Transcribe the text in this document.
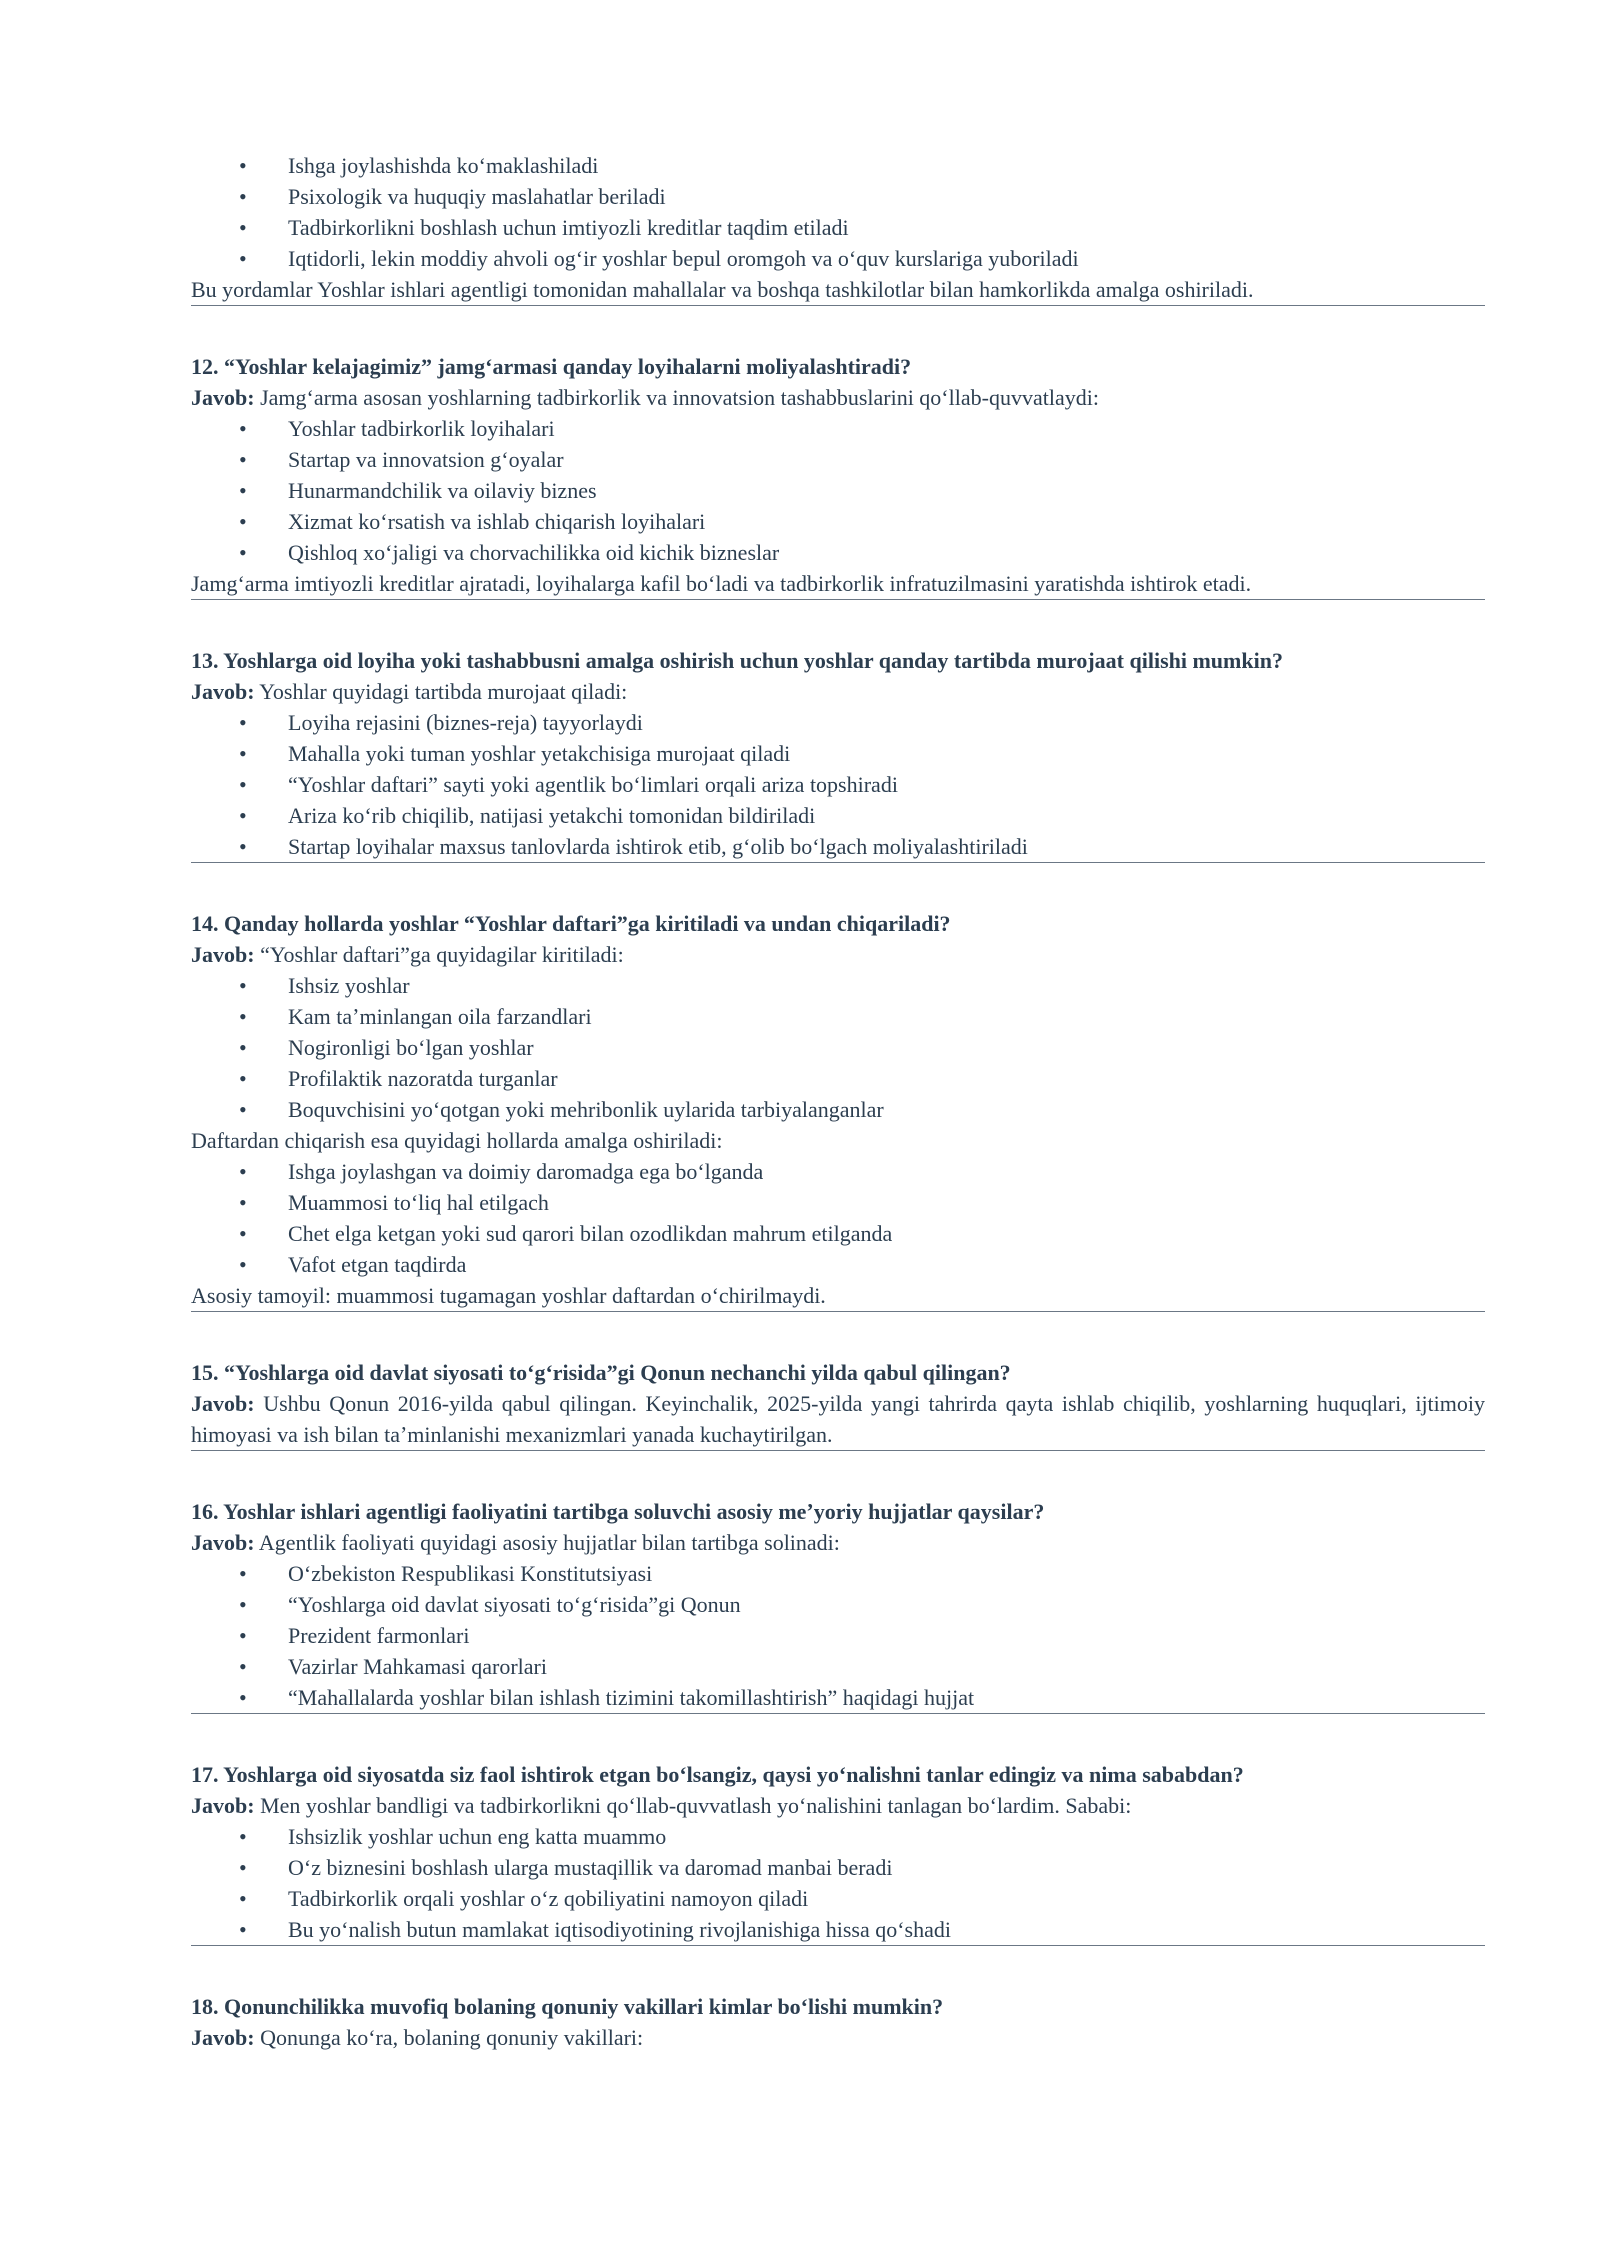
• Ishga joylashishda koʻmaklashiladi
• Psixologik va huquqiy maslahatlar beriladi
• Tadbirkorlikni boshlash uchun imtiyozli kreditlar taqdim etiladi
• Iqtidorli, lekin moddiy ahvoli ogʻir yoshlar bepul oromgoh va oʻquv kurslariga yuboriladi

Bu yordamlar Yoshlar ishlari agentligi tomonidan mahallalar va boshqa tashkilotlar bilan hamkorlikda amalga oshiriladi.

12. “Yoshlar kelajagimiz” jamgʻarmasi qanday loyihalarni moliyalashtiradi?

Javob: Jamgʻarma asosan yoshlarning tadbirkorlik va innovatsion tashabbuslarini qoʻllab-quvvatlaydi:

• Yoshlar tadbirkorlik loyihalari
• Startap va innovatsion gʻoyalar
• Hunarmandchilik va oilaviy biznes
• Xizmat koʻrsatish va ishlab chiqarish loyihalari
• Qishloq xoʻjaligi va chorvachilikka oid kichik bizneslar

Jamgʻarma imtiyozli kreditlar ajratadi, loyihalarga kafil boʻladi va tadbirkorlik infratuzilmasini yaratishda ishtirok etadi.

13. Yoshlarga oid loyiha yoki tashabbusni amalga oshirish uchun yoshlar qanday tartibda murojaat qilishi mumkin?

Javob: Yoshlar quyidagi tartibda murojaat qiladi:

• Loyiha rejasini (biznes-reja) tayyorlaydi
• Mahalla yoki tuman yoshlar yetakchisiga murojaat qiladi
• “Yoshlar daftari” sayti yoki agentlik boʻlimlari orqali ariza topshiradi
• Ariza koʻrib chiqilib, natijasi yetakchi tomonidan bildiriladi
• Startap loyihalar maxsus tanlovlarda ishtirok etib, gʻolib boʻlgach moliyalashtiriladi

14. Qanday hollarda yoshlar “Yoshlar daftari”ga kiritiladi va undan chiqariladi?

Javob: “Yoshlar daftari”ga quyidagilar kiritiladi:

• Ishsiz yoshlar
• Kam taʼminlangan oila farzandlari
• Nogironligi boʻlgan yoshlar
• Profilaktik nazoratda turganlar
• Boquvchisini yoʻqotgan yoki mehribonlik uylarida tarbiyalanganlar

Daftardan chiqarish esa quyidagi hollarda amalga oshiriladi:

• Ishga joylashgan va doimiy daromadga ega boʻlganda
• Muammosi toʻliq hal etilgach
• Chet elga ketgan yoki sud qarori bilan ozodlikdan mahrum etilganda
• Vafot etgan taqdirda

Asosiy tamoyil: muammosi tugamagan yoshlar daftardan oʻchirilmaydi.

15. “Yoshlarga oid davlat siyosati toʻgʻrisida”gi Qonun nechanchi yilda qabul qilingan?

Javob: Ushbu Qonun 2016-yilda qabul qilingan. Keyinchalik, 2025-yilda yangi tahrirda qayta ishlab chiqilib, yoshlarning huquqlari, ijtimoiy himoyasi va ish bilan taʼminlanishi mexanizmlari yanada kuchaytirilgan.

16. Yoshlar ishlari agentligi faoliyatini tartibga soluvchi asosiy meʼyoriy hujjatlar qaysilar?

Javob: Agentlik faoliyati quyidagi asosiy hujjatlar bilan tartibga solinadi:

• Oʻzbekiston Respublikasi Konstitutsiyasi
• “Yoshlarga oid davlat siyosati toʻgʻrisida”gi Qonun
• Prezident farmonlari
• Vazirlar Mahkamasi qarorlari
• “Mahallalarda yoshlar bilan ishlash tizimini takomillashtirish” haqidagi hujjat

17. Yoshlarga oid siyosatda siz faol ishtirok etgan boʻlsangiz, qaysi yoʻnalishni tanlar edingiz va nima sababdan?

Javob: Men yoshlar bandligi va tadbirkorlikni qoʻllab-quvvatlash yoʻnalishini tanlagan boʻlardim. Sababi:

• Ishsizlik yoshlar uchun eng katta muammo
• Oʻz biznesini boshlash ularga mustaqillik va daromad manbai beradi
• Tadbirkorlik orqali yoshlar oʻz qobiliyatini namoyon qiladi
• Bu yoʻnalish butun mamlakat iqtisodiyotining rivojlanishiga hissa qoʻshadi

18. Qonunchilikka muvofiq bolaning qonuniy vakillari kimlar boʻlishi mumkin?

Javob: Qonunga koʻra, bolaning qonuniy vakillari:
